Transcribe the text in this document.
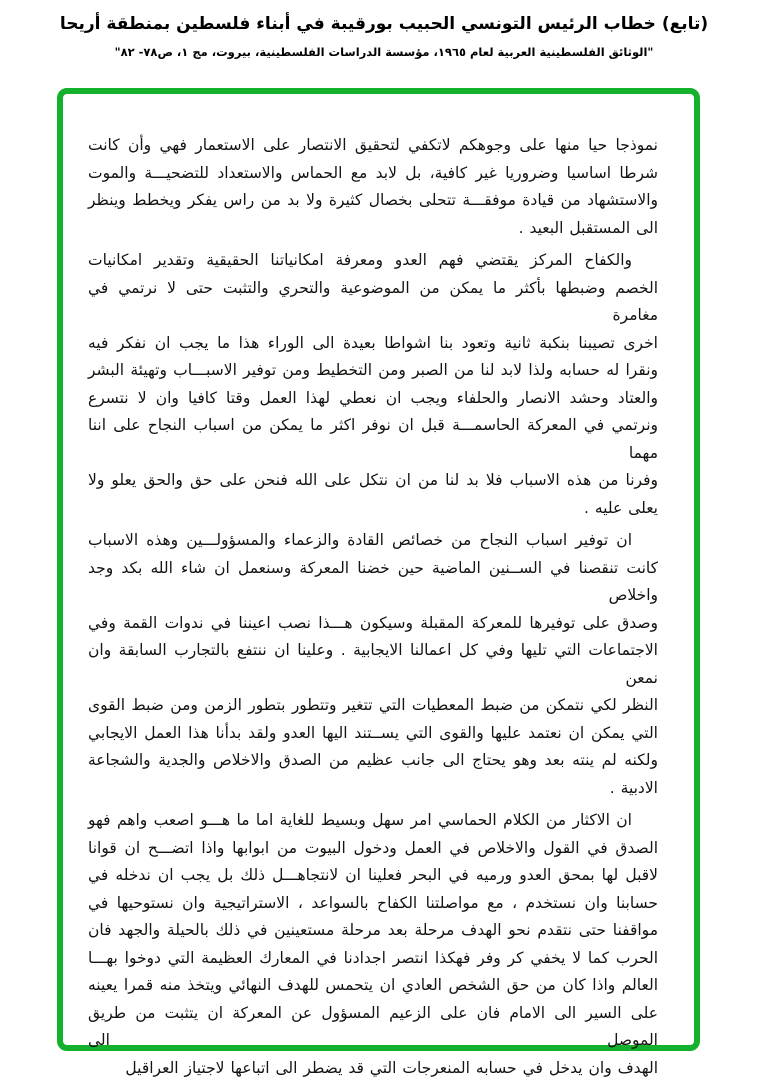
(تابع) خطاب الرئيس التونسي الحبيب بورقيبة في أبناء فلسطين بمنطقة أريحا
"الوثائق الفلسطينية العربية لعام ١٩٦٥، مؤسسة الدراسات الفلسطينية، بيروت، مج ١، ص٧٨- ٨٢"
نموذجا حيا منها على وجوهكم لاتكفي لتحقيق الانتصار على الاستعمار فهي وأن كانت
شرطا اساسيا وضروريا غير كافية، بل لابد مع الحماس والاستعداد للتضحيـــة والموت
والاستشهاد من قيادة موفقـــة تتحلى بخصال كثيرة ولا بد من راس يفكر ويخطط وينظر
الى المستقبل البعيد .
والكفاح المركز يقتضي فهم العدو ومعرفة امكانياتنا الحقيقية وتقدير امكانيات
الخصم وضبطها بأكثر ما يمكن من الموضوعية والتحري والتثبت حتى لا نرتمي في مغامرة
اخرى تصيبنا بنكبة ثانية وتعود بنا اشواطا بعيدة الى الوراء هذا ما يجب ان نفكر فيه
ونقرا له حسابه ولذا لابد لنا من الصبر ومن التخطيط ومن توفير الاسبـــاب وتهيئة البشر
والعتاد وحشد الانصار والحلفاء ويجب ان نعطي لهذا العمل وقتا كافيا وان لا نتسرع
ونرتمي في المعركة الحاسمـــة قبل ان نوفر اكثر ما يمكن من اسباب النجاح على اننا مهما
وفرنا من هذه الاسباب فلا بد لنا من ان نتكل على الله فنحن على حق والحق يعلو ولا
يعلى عليه .
ان توفير اسباب النجاح من خصائص القادة والزعماء والمسؤولـــين وهذه الاسباب
كانت تنقصنا في الســنين الماضية حين خضنا المعركة وسنعمل ان شاء الله بكد وجد واخلاص
وصدق على توفيرها للمعركة المقبلة وسيكون هـــذا نصب اعيننا في ندوات القمة وفي
الاجتماعات التي تليها وفي كل اعمالنا الايجابية . وعلينا ان ننتفع بالتجارب السابقة وان نمعن
النظر لكي نتمكن من ضبط المعطيات التي تتغير وتتطور بتطور الزمن ومن ضبط القوى
التي يمكن ان نعتمد عليها والقوى التي يســتند اليها العدو ولقد بدأنا هذا العمل الايجابي
ولكنه لم ينته بعد وهو يحتاج الى جانب عظيم من الصدق والاخلاص والجدية والشجاعة
الادبية .
ان الاكثار من الكلام الحماسي امر سهل وبسيط للغاية اما ما هـــو اصعب واهم فهو
الصدق في القول والاخلاص في العمل ودخول البيوت من ابوابها واذا اتضـــح ان قوانا
لاقبل لها بمحق العدو ورميه في البحر فعلينا ان لانتجاهـــل ذلك بل يجب ان ندخله في
حسابنا وان نستخدم ، مع مواصلتنا الكفاح بالسواعد ، الاستراتيجية وان نستوحيها في
مواقفنا حتى نتقدم نحو الهدف مرحلة بعد مرحلة مستعينين في ذلك بالحيلة والجهد فان
الحرب كما لا يخفي كر وفر فهكذا انتصر اجدادنا في المعارك العظيمة التي دوخوا بهـــا
العالم واذا كان من حق الشخص العادي ان يتحمس للهدف النهائي ويتخذ منه قمرا يعينه
على السير الى الامام فان على الزعيم المسؤول عن المعركة ان يتثبت من طريق الموصل الى
الهدف وان يدخل في حسابه المنعرجات التي قد يضطر الى اتباعها لاجتياز العراقيل
